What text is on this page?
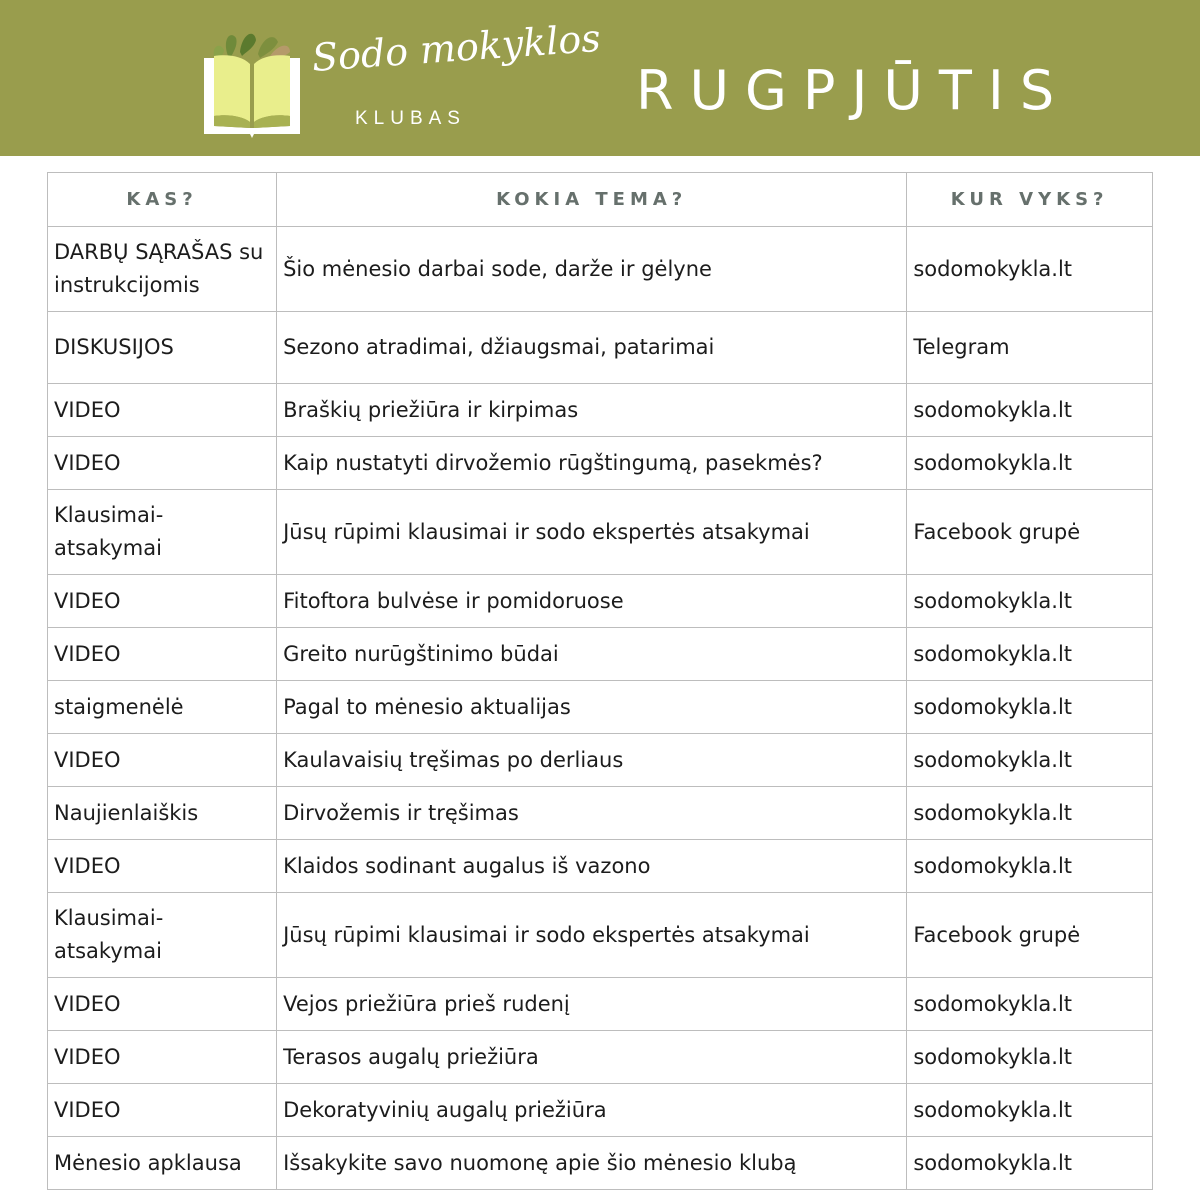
Sodo mokyklos
KLUBAS	RUGPJŪTIS
KAS?	KOKIA TEMA?	KUR VYKS?
DARBŲ SĄRAŠAS su instrukcijomis	Šio mėnesio darbai sode, darže ir gėlyne	sodomokykla.lt
DISKUSIJOS	Sezono atradimai, džiaugsmai, patarimai	Telegram
VIDEO	Braškių priežiūra ir kirpimas	sodomokykla.lt
VIDEO	Kaip nustatyti dirvožemio rūgštingumą, pasekmės?	sodomokykla.lt
Klausimai-atsakymai	Jūsų rūpimi klausimai ir sodo ekspertės atsakymai	Facebook grupė
VIDEO	Fitoftora bulvėse ir pomidoruose	sodomokykla.lt
VIDEO	Greito nurūgštinimo būdai	sodomokykla.lt
staigmenėlė	Pagal to mėnesio aktualijas	sodomokykla.lt
VIDEO	Kaulavaisių tręšimas po derliaus	sodomokykla.lt
Naujienlaiškis	Dirvožemis ir tręšimas	sodomokykla.lt
VIDEO	Klaidos sodinant augalus iš vazono	sodomokykla.lt
Klausimai-atsakymai	Jūsų rūpimi klausimai ir sodo ekspertės atsakymai	Facebook grupė
VIDEO	Vejos priežiūra prieš rudenį	sodomokykla.lt
VIDEO	Terasos augalų priežiūra	sodomokykla.lt
VIDEO	Dekoratyvinių augalų priežiūra	sodomokykla.lt
Mėnesio apklausa	Išsakykite savo nuomonę apie šio mėnesio klubą	sodomokykla.lt
